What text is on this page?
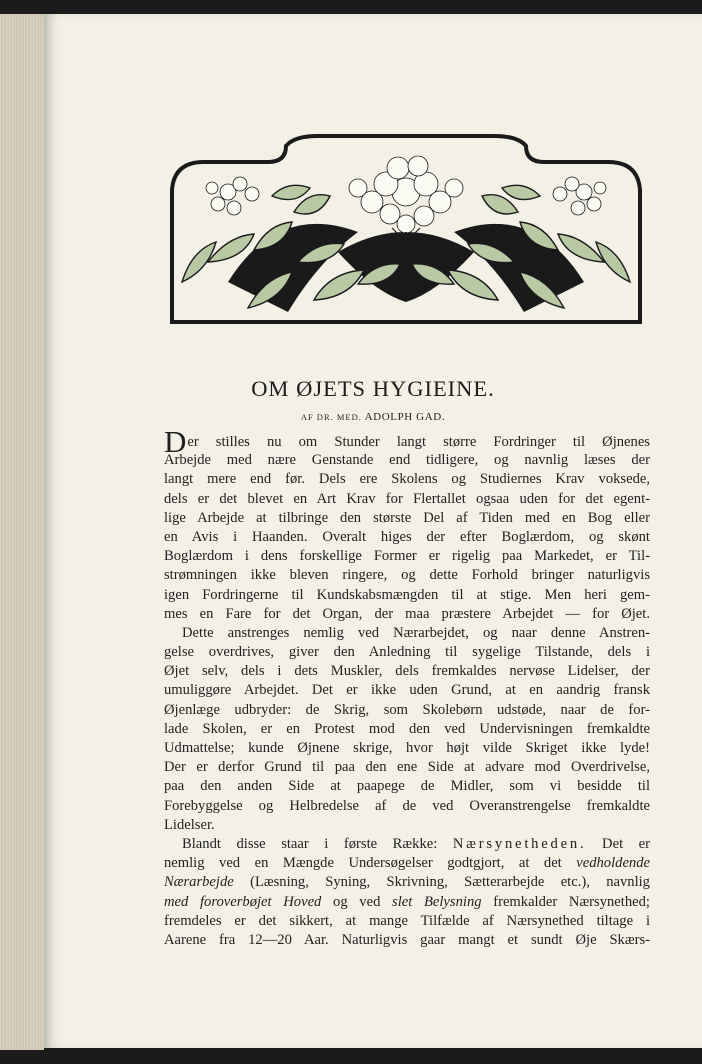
OM ØJETS HYGIEINE.
AF DR. MED. ADOLPH GAD.
Der stilles nu om Stunder langt større Fordringer til Øjnenes
Arbejde med nære Genstande end tidligere, og navnlig læses der
langt mere end før. Dels ere Skolens og Studiernes Krav voksede,
dels er det blevet en Art Krav for Flertallet ogsaa uden for det egent-
lige Arbejde at tilbringe den største Del af Tiden med en Bog eller
en Avis i Haanden. Overalt higes der efter Boglærdom, og skønt
Boglærdom i dens forskellige Former er rigelig paa Markedet, er Til-
strømningen ikke bleven ringere, og dette Forhold bringer naturligvis
igen Fordringerne til Kundskabsmængden til at stige. Men heri gem-
mes en Fare for det Organ, der maa præstere Arbejdet — for Øjet.
Dette anstrenges nemlig ved Nærarbejdet, og naar denne Anstren-
gelse overdrives, giver den Anledning til sygelige Tilstande, dels i
Øjet selv, dels i dets Muskler, dels fremkaldes nervøse Lidelser, der
umuliggøre Arbejdet. Det er ikke uden Grund, at en aandrig fransk
Øjenlæge udbryder: de Skrig, som Skolebørn udstøde, naar de for-
lade Skolen, er en Protest mod den ved Undervisningen fremkaldte
Udmattelse; kunde Øjnene skrige, hvor højt vilde Skriget ikke lyde!
Der er derfor Grund til paa den ene Side at advare mod Overdrivelse,
paa den anden Side at paapege de Midler, som vi besidde til
Forebyggelse og Helbredelse af de ved Overanstrengelse fremkaldte
Lidelser.
Blandt disse staar i første Række: Nærsynetheden. Det er
nemlig ved en Mængde Undersøgelser godtgjort, at det vedholdende
Nærarbejde (Læsning, Syning, Skrivning, Sætterarbejde etc.), navnlig
med foroverbøjet Hoved og ved slet Belysning fremkalder Nærsynethed;
fremdeles er det sikkert, at mange Tilfælde af Nærsynethed tiltage i
Aarene fra 12—20 Aar. Naturligvis gaar mangt et sundt Øje Skærs-
